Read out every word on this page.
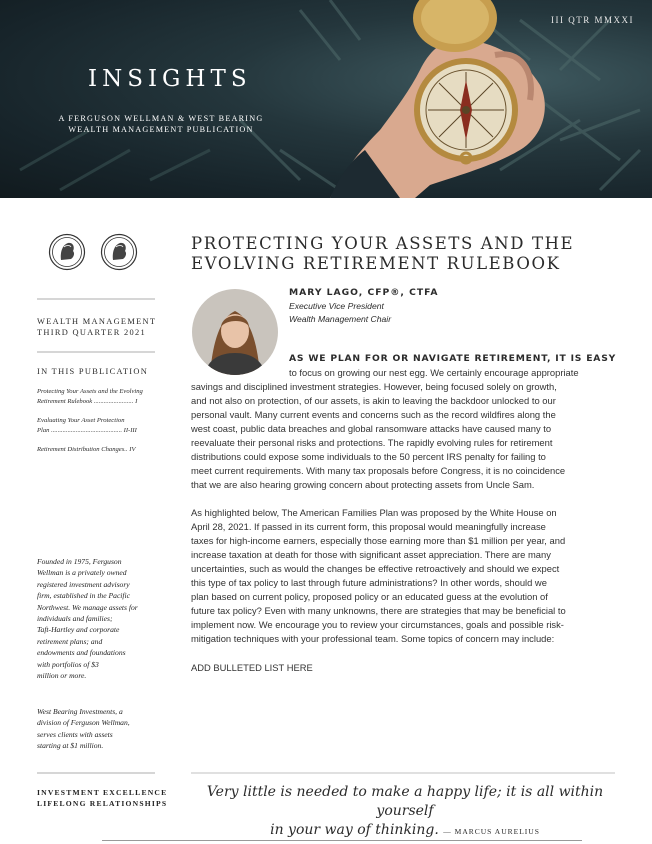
III QTR MMXXI
INSIGHTS
A FERGUSON WELLMAN & WEST BEARING
WEALTH MANAGEMENT PUBLICATION

WEALTH MANAGEMENT
THIRD QUARTER 2021
IN THIS PUBLICATION
Protecting Your Assets and the Evolving
Retirement Rulebook ........................ I
Evaluating Your Asset Protection
Plan ........................................... II-III
Retirement Distribution Changes.. IV
Founded in 1975, Ferguson
Wellman is a privately owned
registered investment advisory
firm, established in the Pacific
Northwest. We manage assets for
individuals and families;
Taft-Hartley and corporate
retirement plans; and
endowments and foundations
with portfolios of $3
million or more.
West Bearing Investments, a
division of Ferguson Wellman,
serves clients with assets
starting at $1 million.
INVESTMENT EXCELLENCE
LIFELONG RELATIONSHIPS
PROTECTING YOUR ASSETS AND THE
EVOLVING RETIREMENT RULEBOOK
MARY LAGO, CFP®, CTFA
Executive Vice President
Wealth Management Chair
AS WE PLAN FOR OR NAVIGATE RETIREMENT, IT IS EASY
to focus on growing our nest egg. We certainly encourage appropriate
savings and disciplined investment strategies. However, being focused solely on growth,
and not also on protection, of our assets, is akin to leaving the backdoor unlocked to our
personal vault. Many current events and concerns such as the record wildfires along the
west coast, public data breaches and global ransomware attacks have caused many to
reevaluate their personal risks and protections. The rapidly evolving rules for retirement
distributions could expose some individuals to the 50 percent IRS penalty for failing to
meet current requirements. With many tax proposals before Congress, it is no coincidence
that we are also hearing growing concern about protecting assets from Uncle Sam.
As highlighted below, The American Families Plan was proposed by the White House on
April 28, 2021. If passed in its current form, this proposal would meaningfully increase
taxes for high-income earners, especially those earning more than $1 million per year, and
increase taxation at death for those with significant asset appreciation. There are many
uncertainties, such as would the changes be effective retroactively and should we expect
this type of tax policy to last through future administrations? In other words, should we
plan based on current policy, proposed policy or an educated guess at the evolution of
future tax policy? Even with many unknowns, there are strategies that may be beneficial to
implement now. We encourage you to review your circumstances, goals and possible risk-
mitigation techniques with your professional team. Some topics of concern may include:
ADD BULLETED LIST HERE
Very little is needed to make a happy life; it is all within yourself
in your way of thinking. — MARCUS AURELIUS
